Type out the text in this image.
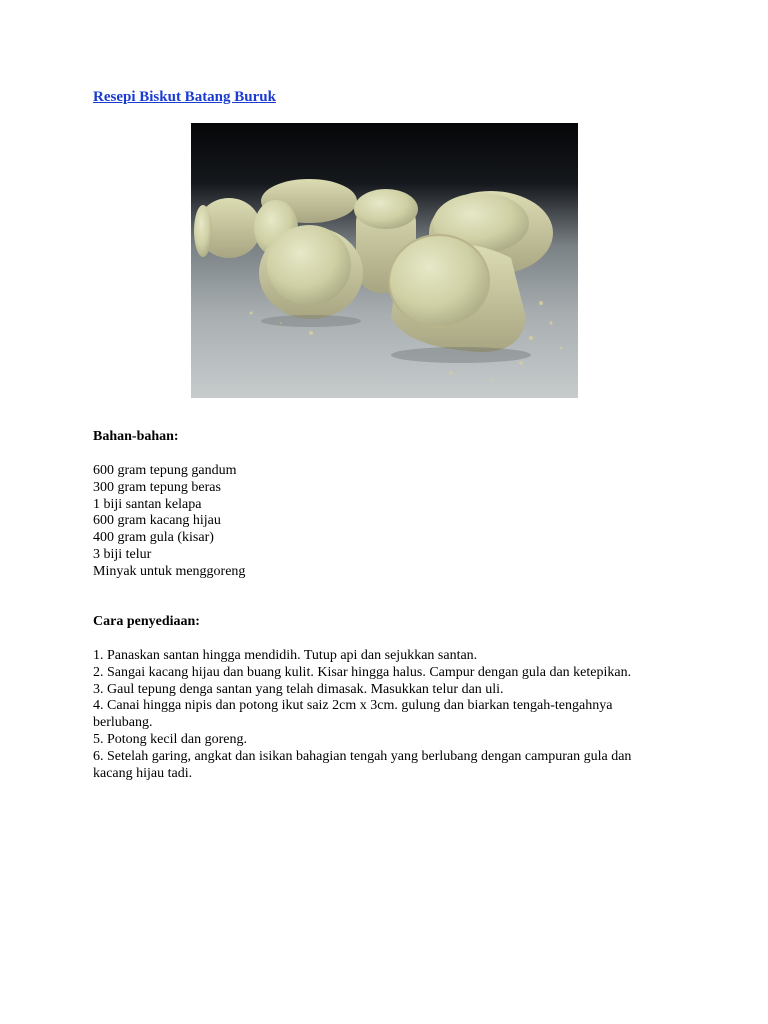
Resepi Biskut Batang Buruk
Bahan-bahan:
600 gram tepung gandum
300 gram tepung beras
1 biji santan kelapa
600 gram kacang hijau
400 gram gula (kisar)
3 biji telur
Minyak untuk menggoreng
Cara penyediaan:
1. Panaskan santan hingga mendidih. Tutup api dan sejukkan santan.
2. Sangai kacang hijau dan buang kulit. Kisar hingga halus. Campur dengan gula dan ketepikan.
3. Gaul tepung denga santan yang telah dimasak. Masukkan telur dan uli.
4. Canai hingga nipis dan potong ikut saiz 2cm x 3cm. gulung dan biarkan tengah-tengahnya berlubang.
5. Potong kecil dan goreng.
6. Setelah garing, angkat dan isikan bahagian tengah yang berlubang dengan campuran gula dan kacang hijau tadi.
